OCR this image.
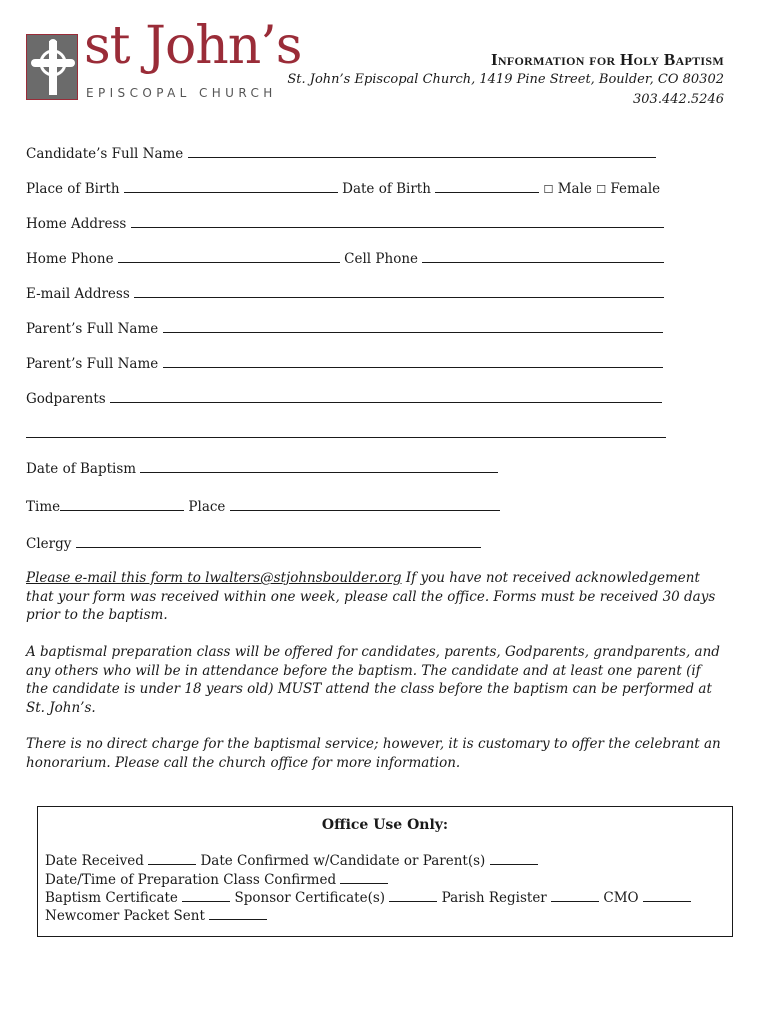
st John’s
EPISCOPAL CHURCH
Information for Holy Baptism
St. John’s Episcopal Church, 1419 Pine Street, Boulder, CO 80302
303.442.5246
Candidate’s Full Name
Place of Birth	Date of Birth	☐ Male ☐ Female
Home Address
Home Phone	Cell Phone
E-mail Address
Parent’s Full Name
Parent’s Full Name
Godparents
Date of Baptism
Time	Place
Clergy
Please e-mail this form to lwalters@stjohnsboulder.org If you have not received acknowledgement that your form was received within one week, please call the office. Forms must be received 30 days prior to the baptism.
A baptismal preparation class will be offered for candidates, parents, Godparents, grandparents, and any others who will be in attendance before the baptism. The candidate and at least one parent (if the candidate is under 18 years old) MUST attend the class before the baptism can be performed at St. John’s.
There is no direct charge for the baptismal service; however, it is customary to offer the celebrant an honorarium. Please call the church office for more information.
Office Use Only:
Date Received	Date Confirmed w/Candidate or Parent(s)
Date/Time of Preparation Class Confirmed
Baptism Certificate	Sponsor Certificate(s)	Parish Register	CMO
Newcomer Packet Sent
